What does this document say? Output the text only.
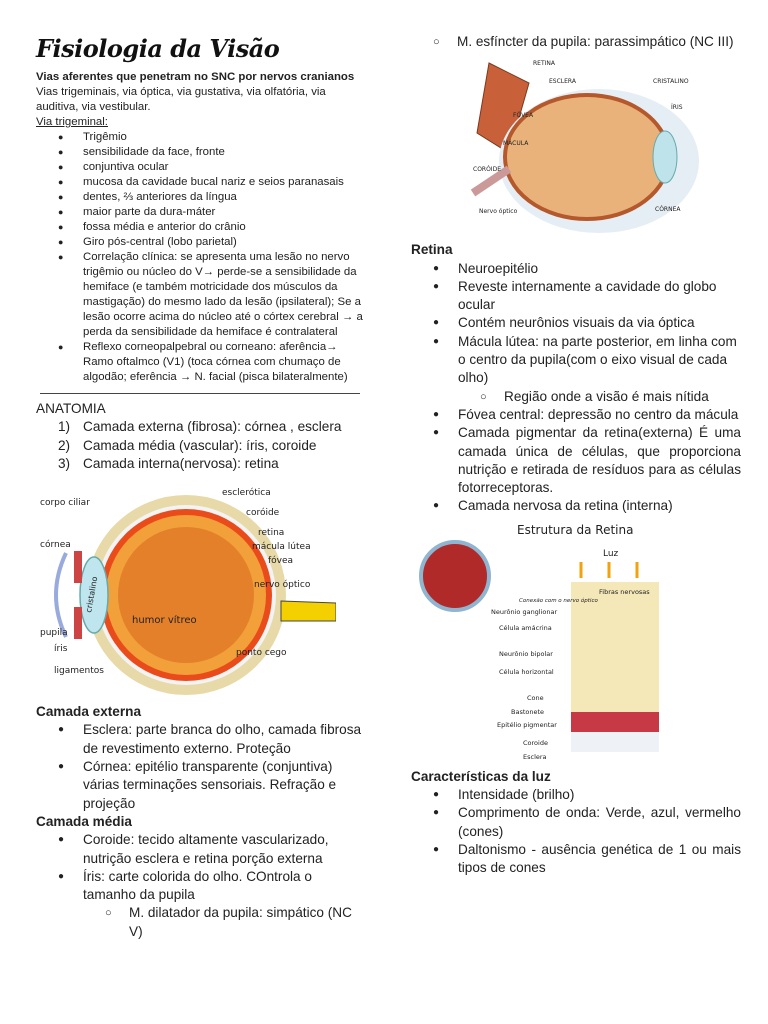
Fisiologia da Visão
Vias aferentes que penetram no SNC por nervos cranianos
Vias trigeminais, via óptica, via gustativa, via olfatória, via auditiva, via vestibular.
Via trigeminal:
● Trigêmio
● sensibilidade da face, fronte
● conjuntiva ocular
● mucosa da cavidade bucal nariz e seios paranasais
● dentes, ⅔ anteriores da língua
● maior parte da dura-máter
● fossa média e anterior do crânio
● Giro pós-central (lobo parietal)
● Correlação clínica: se apresenta uma lesão no nervo trigêmio ou núcleo do V→ perde-se a sensibilidade da hemiface (e também motricidade dos músculos da mastigação) do mesmo lado da lesão (ipsilateral); Se a lesão ocorre acima do núcleo até o córtex cerebral → a perda da sensibilidade da hemiface é contralateral
● Reflexo corneopalpebral ou corneano: aferência→ Ramo oftalmco (V1) (toca córnea com chumaço de algodão; eferência → N. facial (pisca bilateralmente)
ANATOMIA
1) Camada externa (fibrosa): córnea , esclera
2) Camada média (vascular): íris, coroide
3) Camada interna(nervosa): retina
corpo ciliar
esclerótica
coróide
retina
córnea	mácula lútea
fóvea
cristalino	nervo óptico
humor vítreo
pupila
íris	ponto cego
ligamentos
Camada externa
● Esclera: parte branca do olho, camada fibrosa de revestimento externo. Proteção
● Córnea: epitélio transparente (conjuntiva) várias terminações sensoriais. Refração e projeção
Camada média
● Coroide: tecido altamente vascularizado, nutrição esclera e retina porção externa
● Íris: carte colorida do olho. COntrola o tamanho da pupila
○ M. dilatador da pupila: simpático (NC V)
○ M. esfíncter da pupila: parassimpático (NC III)
RETINA
ESCLERA	CRISTALINO
FÓVEA
ÍRIS
MÁCULA
CORÓIDE
Nervo óptico	CÓRNEA
Retina
● Neuroepitélio
● Reveste internamente a cavidade do globo ocular
● Contém neurônios visuais da via óptica
● Mácula lútea: na parte posterior, em linha com o centro da pupila(com o eixo visual de cada olho)
○ Região onde a visão é mais nítida
● Fóvea central: depressão no centro da mácula
● Camada pigmentar da retina(externa) É uma camada única de células, que proporciona nutrição e retirada de resíduos para as células fotorreceptoras.
● Camada nervosa da retina (interna)
Estrutura da Retina
Luz
Fibras nervosas
Conexão com o nervo óptico
Neurônio ganglionar
Célula amácrina
Neurônio bipolar
Célula horizontal
Cone
Bastonete
Epitélio pigmentar
Coroide
Esclera
Características da luz
● Intensidade (brilho)
● Comprimento de onda: Verde, azul, vermelho (cones)
● Daltonismo - ausência genética de 1 ou mais tipos de cones
